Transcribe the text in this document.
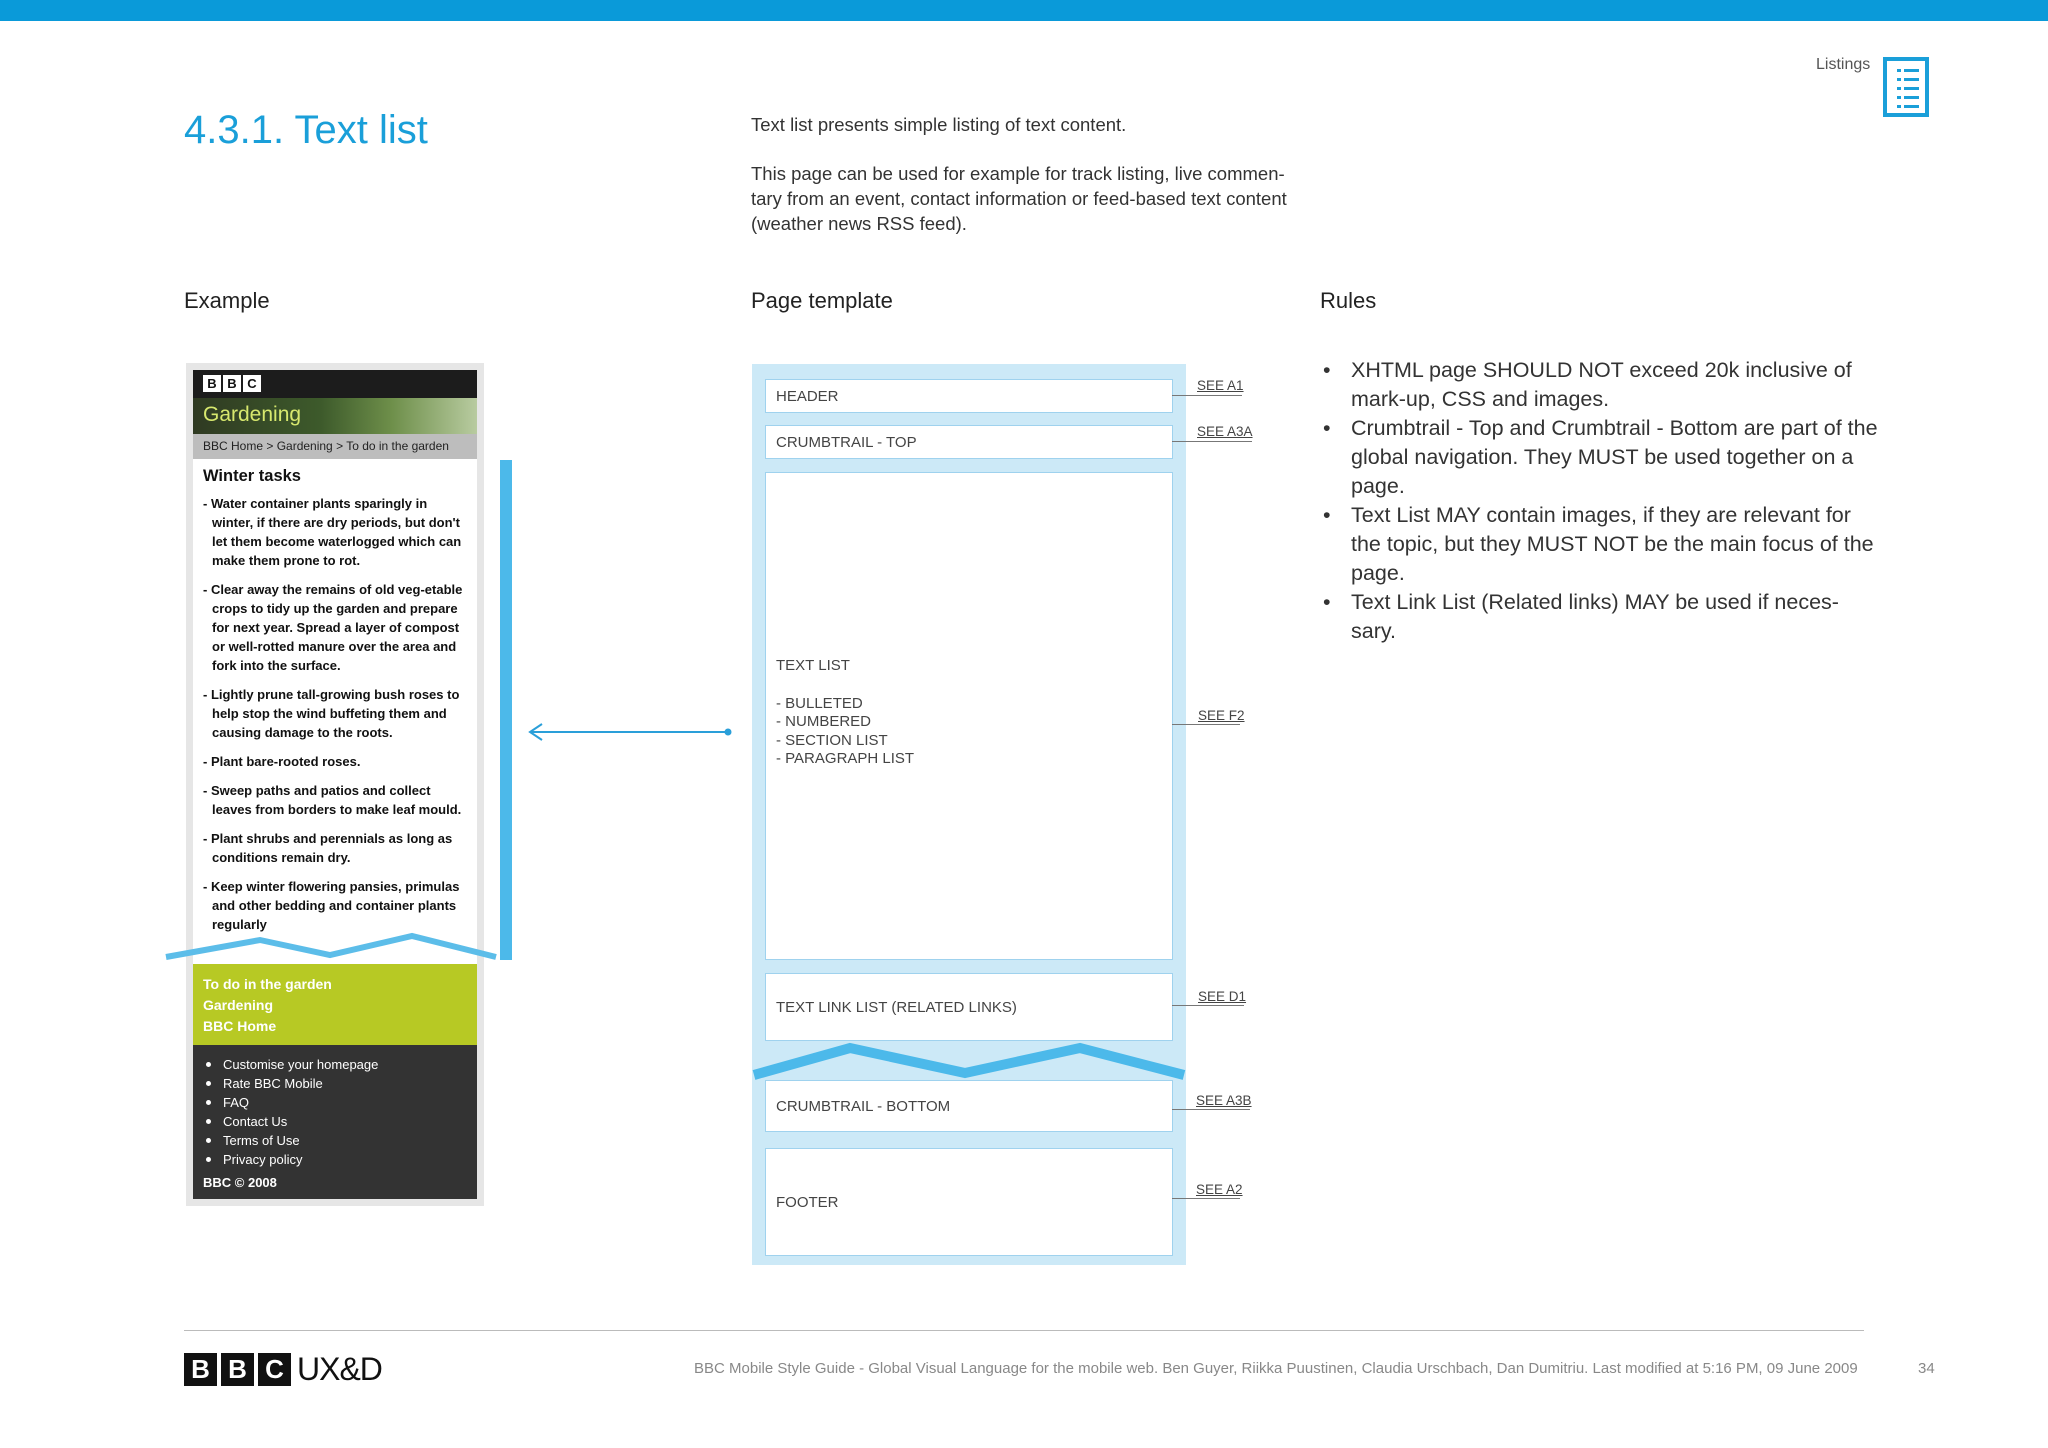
Listings
4.3.1. Text list	Text list presents simple listing of text content.

This page can be used for example for track listing, live commen-tary from an event, contact information or feed-based text content (weather news RSS feed).

Example	Page template	Rules
B B C
Gardening
BBC Home > Gardening > To do in the garden
Winter tasks
- Water container plants sparingly in winter, if there are dry periods, but don't let them become waterlogged which can make them prone to rot.
- Clear away the remains of old veg-etable crops to tidy up the garden and prepare for next year. Spread a layer of compost or well-rotted manure over the area and fork into the surface.
- Lightly prune tall-growing bush roses to help stop the wind buffeting them and causing damage to the roots.
- Plant bare-rooted roses.
- Sweep paths and patios and collect leaves from borders to make leaf mould.
- Plant shrubs and perennials as long as conditions remain dry.
- Keep winter flowering pansies, primulas and other bedding and container plants regularly
To do in the garden
Gardening
BBC Home
Customise your homepage
Rate BBC Mobile
FAQ
Contact Us
Terms of Use
Privacy policy
BBC © 2008
HEADER
CRUMBTRAIL - TOP
TEXT LINK LIST (RELATED LINKS)
CRUMBTRAIL - BOTTOM
FOOTER
TEXT LIST
- BULLETED
- NUMBERED
- SECTION LIST
- PARAGRAPH LIST
SEE A1
SEE A3A
SEE F2
SEE D1
SEE A3B
SEE A2
• XHTML page SHOULD NOT exceed 20k inclusive of mark-up, CSS and images.
• Crumbtrail - Top and Crumbtrail - Bottom are part of the global navigation. They MUST be used together on a page.
• Text List MAY contain images, if they are relevant for the topic, but they MUST NOT be the main focus of the page.
• Text Link List (Related links) MAY be used if neces-sary.
B B C UX&D	BBC Mobile Style Guide - Global Visual Language for the mobile web. Ben Guyer, Riikka Puustinen, Claudia Urschbach, Dan Dumitriu. Last modified at 5:16 PM, 09 June 2009	34
